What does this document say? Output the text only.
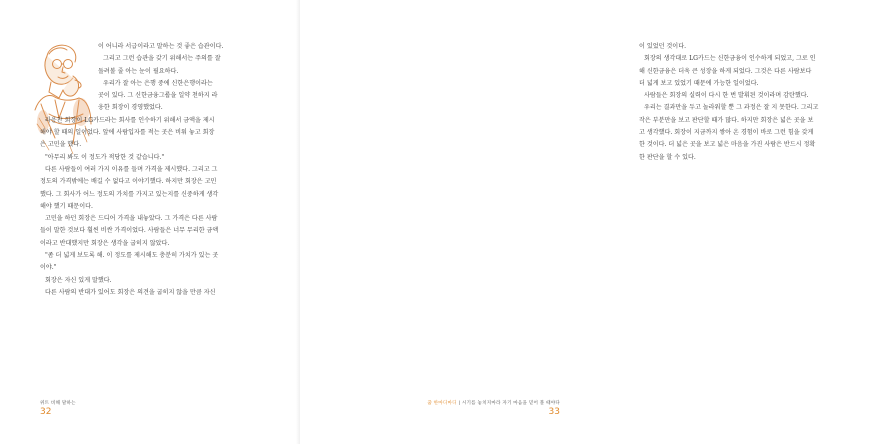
이 어니라 서급이라고 말하는 것 좋은 습관이다.

그리고 그런 습관을 갖기 위해서는 주의를 잘

돌려볼 줄 아는 눈이 필요하다.

우리가 잘 아는 은행 중에 신한은행이라는

곳이 있다. 그 신한금융그룹을 일약 천하지 라

웅한 회장이 경영했었다.

라응찬 회장이 LG카드라는 회사를 인수하기 위해서 금액을 제시

해야 할 때의 일이었다. 앞에 사람입자를 적는 곳은 비워 놓고 회장

은 고민을 했다.

"아무리 봐도 이 정도가 적당한 것 같습니다."

다른 사람들이 여러 가지 이유를 들며 가격을 제시했다. 그리고 그

정도의 가격밖에는 배길 수 없다고 이야기했다. 하지만 회장은 고민

했다. 그 회사가 어느 정도의 가치를 가지고 있는지를 신중하게 생각

해야 했기 때문이다.

고민을 하던 회장은 드디어 가격을 내놓았다. 그 가격은 다른 사람

들이 말한 것보다 훨씬 비싼 가격이었다. 사람들은 너무 무리한 금액

이라고 반대했지만 회장은 생각을 굽히지 않았다.

"좀 더 넓게 보도록 해. 이 정도를 제시해도 충분히 가치가 있는 곳

이야."

회장은 자신 있게 말했다.

다른 사람의 반대가 있어도 회장은 의견을 굽히지 않을 만큼 자신

위트 비해 말하는
32

이 있었던 것이다.

회장의 생각대로 LG카드는 신한금융이 인수하게 되었고, 그로 인

해 신한금융은 더욱 큰 성장을 하게 되었다. 그것은 다른 사람보다

더 넓게 보고 있었기 때문에 가능한 일이었다.

사람들은 회장의 실력이 다시 한 번 발휘된 것이라며 감탄했다.

우리는 결과만을 두고 놀라워할 뿐 그 과정은 잘 지 못한다. 그리고

작은 부분만을 보고 판단할 때가 많다. 하지만 회장은 넓은 곳을 보

고 생각했다. 회장이 지금까지 쌓아 온 경험이 바로 그런 힘을 갖게

한 것이다. 더 넓은 곳을 보고 넓은 마음을 가진 사람은 반드시 정확

한 판단을 할 수 있다.

꿈 한마디마디 | 시기를 놓치지마라 자기 마음을 믿어 볼 때야다
33
